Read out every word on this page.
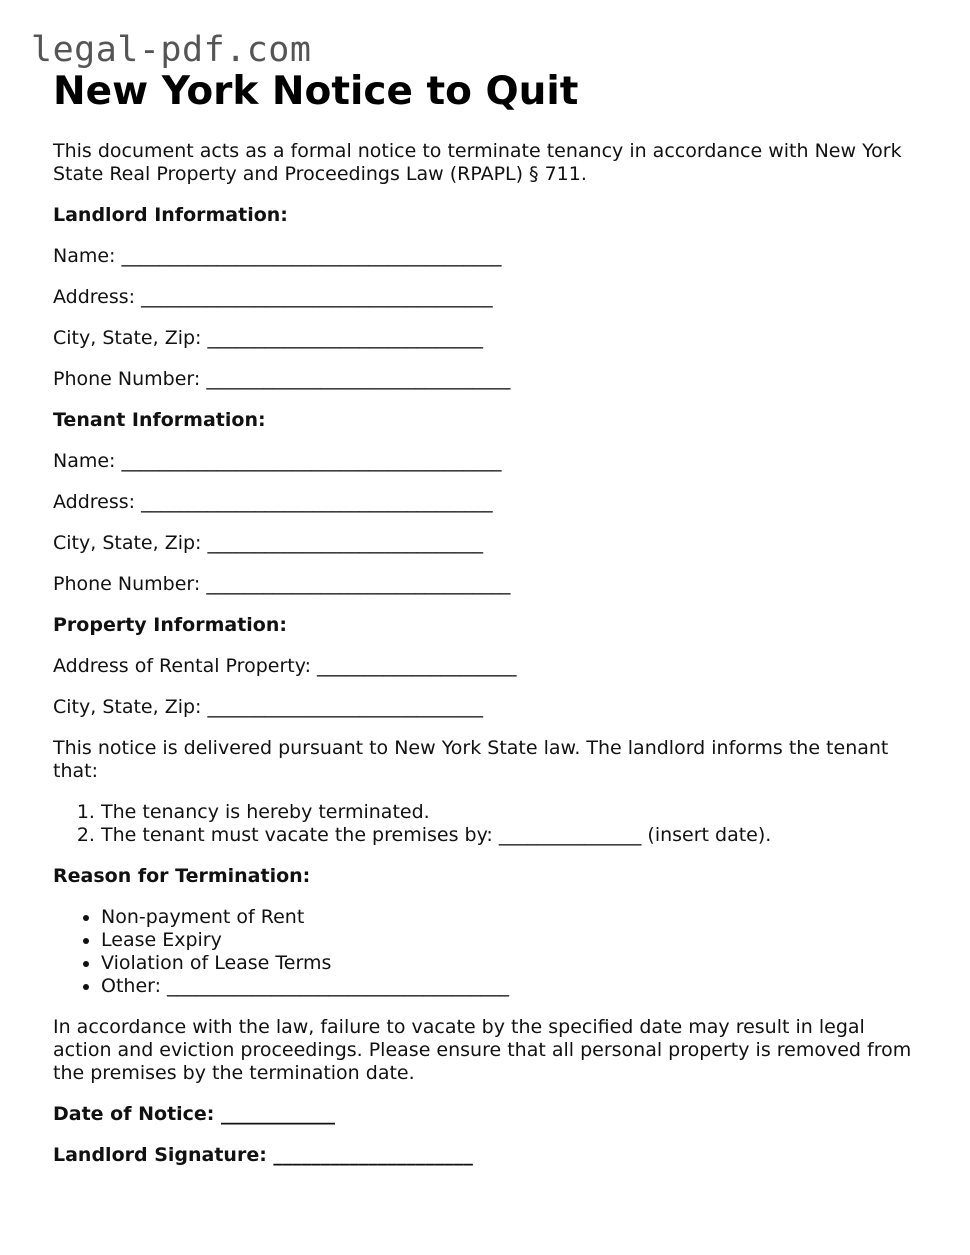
legal-pdf.com
New York Notice to Quit

This document acts as a formal notice to terminate tenancy in accordance with New York State Real Property and Proceedings Law (RPAPL) § 711.

Landlord Information:

Name: ________________________________________

Address: _____________________________________

City, State, Zip: _____________________________

Phone Number: ________________________________

Tenant Information:

Name: ________________________________________

Address: _____________________________________

City, State, Zip: _____________________________

Phone Number: ________________________________

Property Information:

Address of Rental Property: _____________________

City, State, Zip: _____________________________

This notice is delivered pursuant to New York State law. The landlord informs the tenant that:

1. The tenancy is hereby terminated.
2. The tenant must vacate the premises by: _______________ (insert date).

Reason for Termination:

• Non-payment of Rent
• Lease Expiry
• Violation of Lease Terms
• Other: ____________________________________

In accordance with the law, failure to vacate by the specified date may result in legal action and eviction proceedings. Please ensure that all personal property is removed from the premises by the termination date.

Date of Notice: ____________

Landlord Signature: _____________________
